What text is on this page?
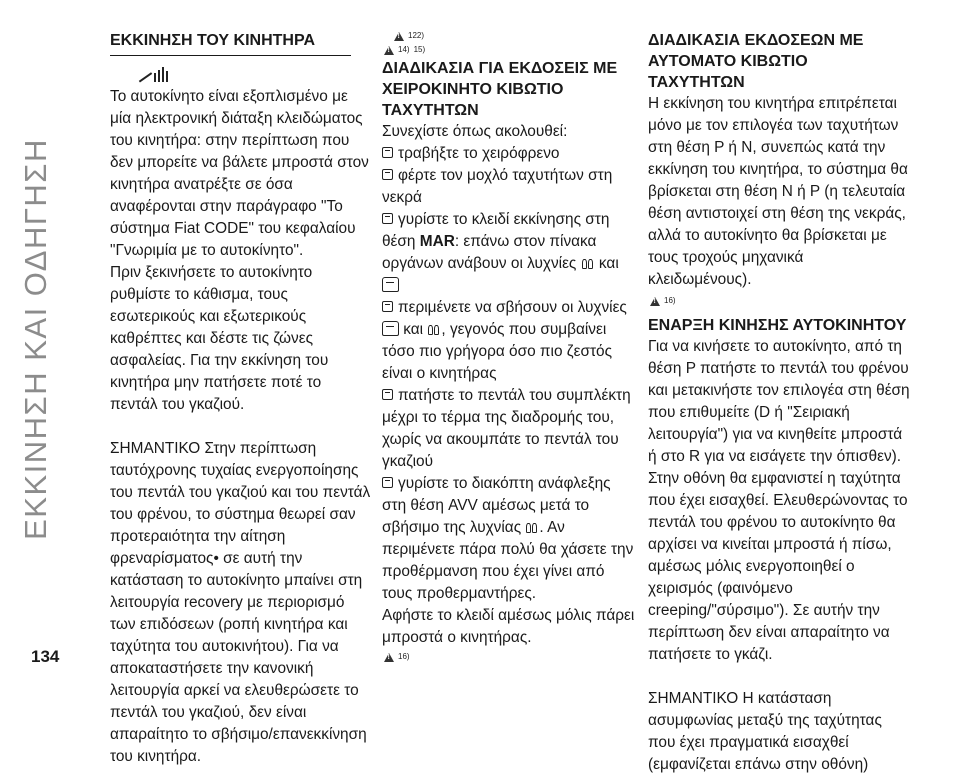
ΕΚΚΙΝΗΣΗ ΚΑΙ ΟΔΗΓΗΣΗ
ΕΚΚΙΝΗΣΗ ΤΟΥ ΚΙΝΗΤΗΡΑ

Το αυτοκίνητο είναι εξοπλισμένο με μία ηλεκτρονική διάταξη κλειδώματος του κινητήρα: στην περίπτωση που δεν μπορείτε να βάλετε μπροστά στον κινητήρα ανατρέξτε σε όσα αναφέρονται στην παράγραφο "Το σύστημα Fiat CODE" του κεφαλαίου "Γνωριμία με το αυτοκίνητο".

Πριν ξεκινήσετε το αυτοκίνητο ρυθμίστε το κάθισμα, τους εσωτερικούς και εξωτερικούς καθρέπτες και δέστε τις ζώνες ασφαλείας. Για την εκκίνηση του κινητήρα μην πατήσετε ποτέ το πεντάλ του γκαζιού.

ΣΗΜΑΝΤΙΚΟ Στην περίπτωση ταυτόχρονης τυχαίας ενεργοποίησης του πεντάλ του γκαζιού και του πεντάλ του φρένου, το σύστημα θεωρεί σαν προτεραιότητα την αίτηση φρεναρίσματος• σε αυτή την κατάσταση το αυτοκίνητο μπαίνει στη λειτουργία recovery με περιορισμό των επιδόσεων (ροπή κινητήρα και ταχύτητα του αυτοκινήτου). Για να αποκαταστήσετε την κανονική λειτουργία αρκεί να ελευθερώσετε το πεντάλ του γκαζιού, δεν είναι απαραίτητο το σβήσιμο/επανεκκίνηση του κινητήρα.

!
122)
!
14) 15)
ΔΙΑΔΙΚΑΣΙΑ ΓΙΑ ΕΚΔΟΣΕΙΣ ΜΕ ΧΕΙΡΟΚΙΝΗΤΟ ΚΙΒΩΤΙΟ ΤΑΧΥΤΗΤΩΝ

Συνεχίστε όπως ακολουθεί:

τραβήξτε το χειρόφρενο

φέρτε τον μοχλό ταχυτήτων στη νεκρά

γυρίστε το κλειδί εκκίνησης στη θέση MAR: επάνω στον πίνακα οργάνων ανάβουν οι λυχνίες  και

περιμένετε να σβήσουν οι λυχνίες
και , γεγονός που συμβαίνει τόσο πιο γρήγορα όσο πιο ζεστός είναι ο κινητήρας

πατήστε το πεντάλ του συμπλέκτη μέχρι το τέρμα της διαδρομής του, χωρίς να ακουμπάτε το πεντάλ του γκαζιού

γυρίστε το διακόπτη ανάφλεξης στη θέση AVV αμέσως μετά το σβήσιμο της λυχνίας . Αν περιμένετε πάρα πολύ θα χάσετε την προθέρμανση που έχει γίνει από τους προθερμαντήρες.

Αφήστε το κλειδί αμέσως μόλις πάρει μπροστά ο κινητήρας.

!
16)
ΔΙΑΔΙΚΑΣΙΑ ΕΚΔΟΣΕΩΝ ΜΕ ΑΥΤΟΜΑΤΟ ΚΙΒΩΤΙΟ ΤΑΧΥΤΗΤΩΝ

Η εκκίνηση του κινητήρα επιτρέπεται μόνο με τον επιλογέα των ταχυτήτων στη θέση P ή N, συνεπώς κατά την εκκίνηση του κινητήρα, το σύστημα θα βρίσκεται στη θέση N ή P (η τελευταία θέση αντιστοιχεί στη θέση της νεκράς, αλλά το αυτοκίνητο θα βρίσκεται με τους τροχούς μηχανικά κλειδωμένους).

!
16)
ΕΝΑΡΞΗ ΚΙΝΗΣΗΣ ΑΥΤΟΚΙΝΗΤΟΥ

Για να κινήσετε το αυτοκίνητο, από τη θέση P πατήστε το πεντάλ του φρένου και μετακινήστε τον επιλογέα στη θέση που επιθυμείτε (D ή "Σειριακή λειτουργία") για να κινηθείτε μπροστά ή στο R για να εισάγετε την όπισθεν). Στην οθόνη θα εμφανιστεί η ταχύτητα που έχει εισαχθεί. Ελευθερώνοντας το πεντάλ του φρένου το αυτοκίνητο θα αρχίσει να κινείται μπροστά ή πίσω, αμέσως μόλις ενεργοποιηθεί ο χειρισμός (φαινόμενο creeping/"σύρσιμο"). Σε αυτήν την περίπτωση δεν είναι απαραίτητο να πατήσετε το γκάζι.

ΣΗΜΑΝΤΙΚΟ Η κατάσταση ασυμφωνίας μεταξύ της ταχύτητας που έχει πραγματικά εισαχθεί (εμφανίζεται επάνω στην οθόνη)

134
